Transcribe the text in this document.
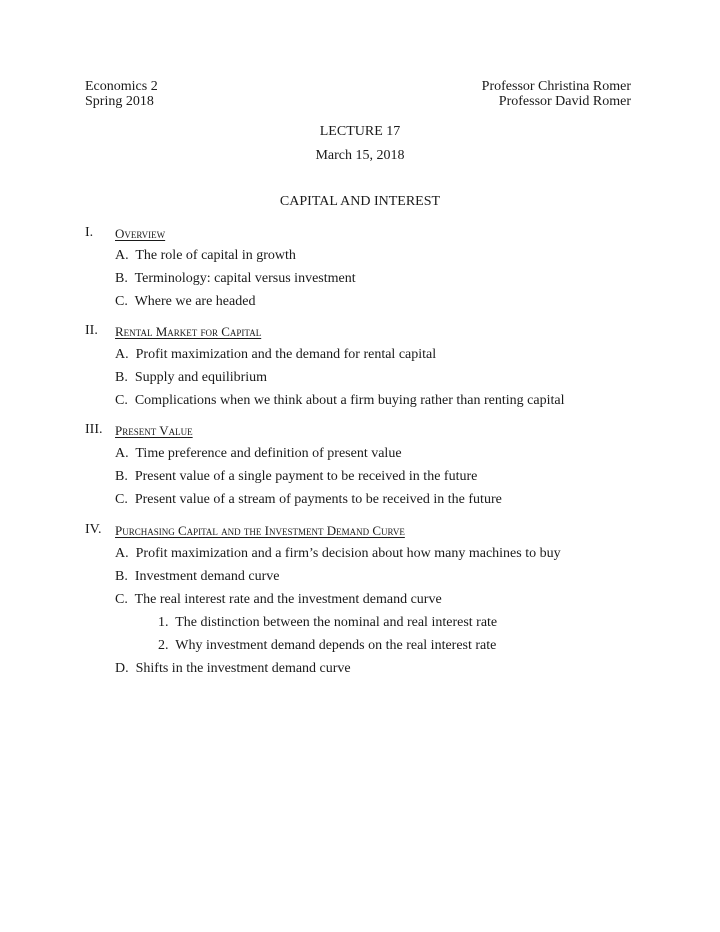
Economics 2
Spring 2018
Professor Christina Romer
Professor David Romer
LECTURE 17
March 15, 2018
CAPITAL AND INTEREST
I. Overview
A. The role of capital in growth
B. Terminology: capital versus investment
C. Where we are headed
II. Rental Market for Capital
A. Profit maximization and the demand for rental capital
B. Supply and equilibrium
C. Complications when we think about a firm buying rather than renting capital
III. Present Value
A. Time preference and definition of present value
B. Present value of a single payment to be received in the future
C. Present value of a stream of payments to be received in the future
IV. Purchasing Capital and the Investment Demand Curve
A. Profit maximization and a firm’s decision about how many machines to buy
B. Investment demand curve
C. The real interest rate and the investment demand curve
1. The distinction between the nominal and real interest rate
2. Why investment demand depends on the real interest rate
D. Shifts in the investment demand curve
